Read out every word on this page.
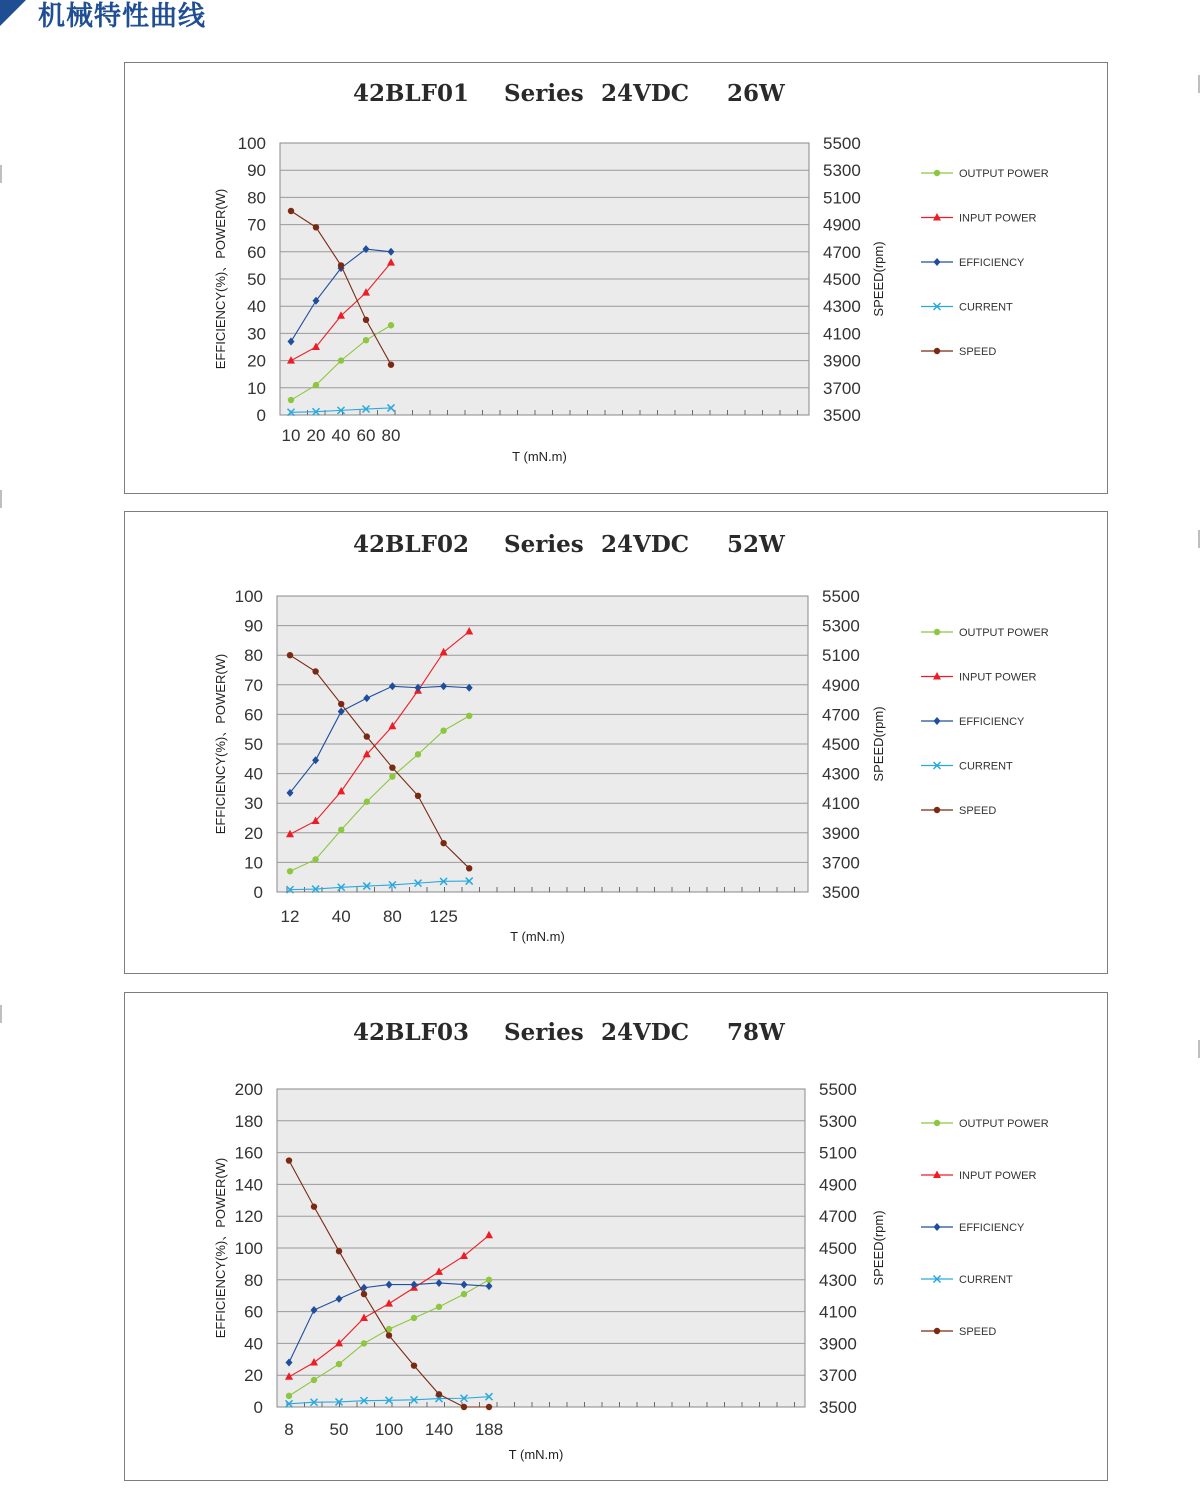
机械特性曲线
42BLF01 Series 24VDC 26W
0
10
20
30
40
50
60
70
80
90
100
3500
3700
3900
4100
4300
4500
4700
4900
5100
5300
5500
10 20 40 60 80
T (mN.m)
EFFICIENCY(%)、POWER(W)	SPEED(rpm)
OUTPUT POWER
INPUT POWER
EFFICIENCY
CURRENT
SPEED
42BLF02 Series 24VDC 52W
0
10
20
30
40
50
60
70
80
90
100
3500
3700
3900
4100
4300
4500
4700
4900
5100
5300
5500
12 40 80 125
T (mN.m)
EFFICIENCY(%)、POWER(W)	SPEED(rpm)
OUTPUT POWER
INPUT POWER
EFFICIENCY
CURRENT
SPEED
42BLF03 Series 24VDC 78W
0
20
40
60
80
100
120
140
160
180
200
3500
3700
3900
4100
4300
4500
4700
4900
5100
5300
5500
8 50 100 140 188
T (mN.m)
EFFICIENCY(%)、POWER(W)	SPEED(rpm)
OUTPUT POWER
INPUT POWER
EFFICIENCY
CURRENT
SPEED
